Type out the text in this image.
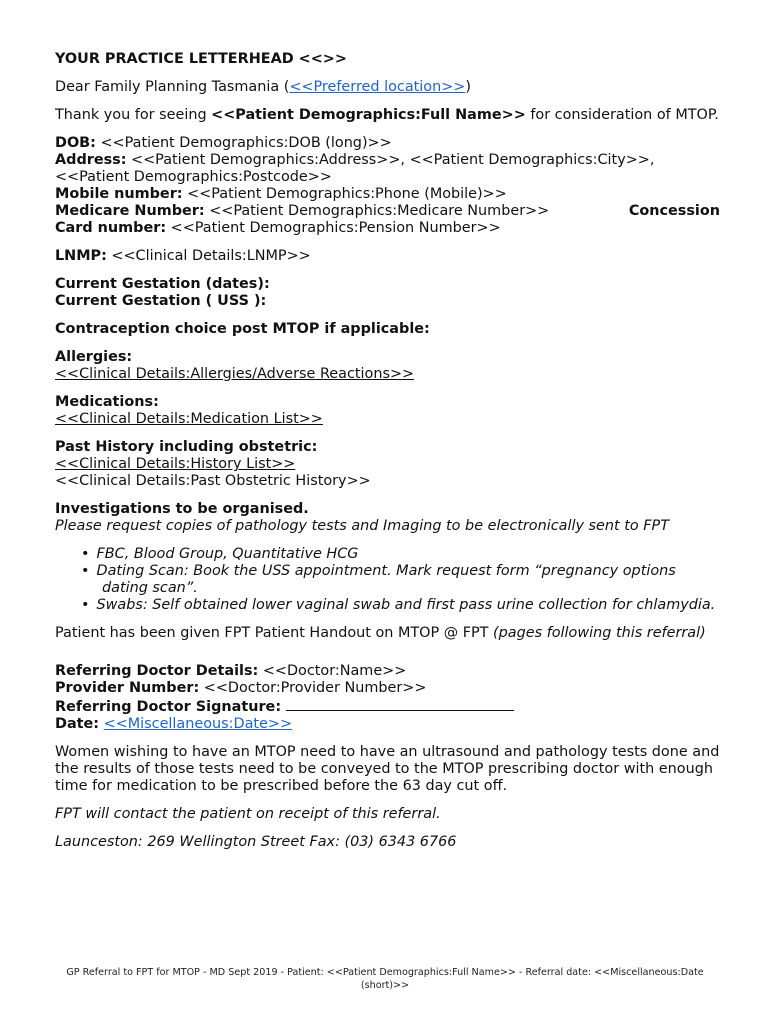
YOUR PRACTICE LETTERHEAD <<>>

Dear Family Planning Tasmania (<<Preferred location>>)

Thank you for seeing <<Patient Demographics:Full Name>> for consideration of MTOP.

DOB: <<Patient Demographics:DOB (long)>>

Address: <<Patient Demographics:Address>>, <<Patient Demographics:City>>, <<Patient Demographics:Postcode>>

Mobile number: <<Patient Demographics:Phone (Mobile)>>

Medicare Number: <<Patient Demographics:Medicare Number>>	Concession

Card number: <<Patient Demographics:Pension Number>>

LNMP: <<Clinical Details:LNMP>>

Current Gestation (dates):

Current Gestation ( USS ):

Contraception choice post MTOP if applicable:

Allergies:

<<Clinical Details:Allergies/Adverse Reactions>>

Medications:

<<Clinical Details:Medication List>>

Past History including obstetric:

<<Clinical Details:History List>>

<<Clinical Details:Past Obstetric History>>

Investigations to be organised.

Please request copies of pathology tests and Imaging to be electronically sent to FPT

• FBC, Blood Group, Quantitative HCG
• Dating Scan: Book the USS appointment. Mark request form “pregnancy options dating scan”.
• Swabs: Self obtained lower vaginal swab and first pass urine collection for chlamydia.

Patient has been given FPT Patient Handout on MTOP @ FPT (pages following this referral)

Referring Doctor Details: <<Doctor:Name>>

Provider Number: <<Doctor:Provider Number>>

Referring Doctor Signature:

Date: <<Miscellaneous:Date>>

Women wishing to have an MTOP need to have an ultrasound and pathology tests done and the results of those tests need to be conveyed to the MTOP prescribing doctor with enough time for medication to be prescribed before the 63 day cut off.

FPT will contact the patient on receipt of this referral.

Launceston: 269 Wellington Street Fax: (03) 6343 6766

GP Referral to FPT for MTOP - MD Sept 2019 - Patient: <<Patient Demographics:Full Name>> - Referral date: <<Miscellaneous:Date (short)>>
